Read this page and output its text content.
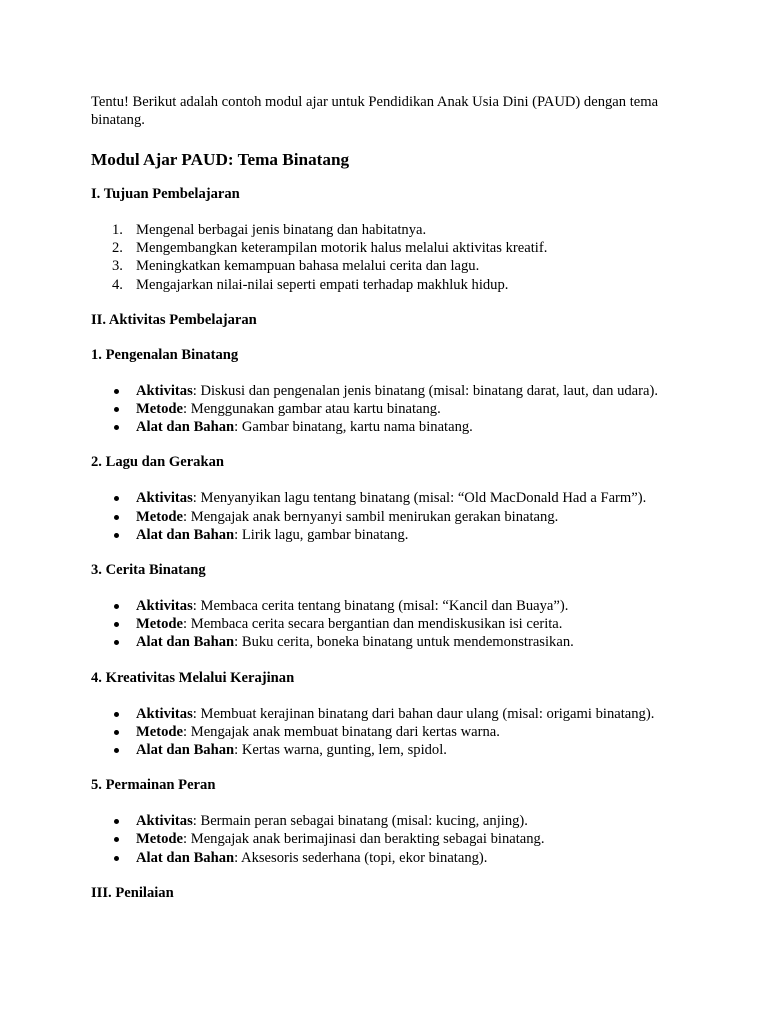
Tentu! Berikut adalah contoh modul ajar untuk Pendidikan Anak Usia Dini (PAUD) dengan tema binatang.

Modul Ajar PAUD: Tema Binatang
I. Tujuan Pembelajaran
1. Mengenal berbagai jenis binatang dan habitatnya.
2. Mengembangkan keterampilan motorik halus melalui aktivitas kreatif.
3. Meningkatkan kemampuan bahasa melalui cerita dan lagu.
4. Mengajarkan nilai-nilai seperti empati terhadap makhluk hidup.
II. Aktivitas Pembelajaran
1. Pengenalan Binatang
Aktivitas: Diskusi dan pengenalan jenis binatang (misal: binatang darat, laut, dan udara).
Metode: Menggunakan gambar atau kartu binatang.
Alat dan Bahan: Gambar binatang, kartu nama binatang.
2. Lagu dan Gerakan
Aktivitas: Menyanyikan lagu tentang binatang (misal: “Old MacDonald Had a Farm”).
Metode: Mengajak anak bernyanyi sambil menirukan gerakan binatang.
Alat dan Bahan: Lirik lagu, gambar binatang.
3. Cerita Binatang
Aktivitas: Membaca cerita tentang binatang (misal: “Kancil dan Buaya”).
Metode: Membaca cerita secara bergantian dan mendiskusikan isi cerita.
Alat dan Bahan: Buku cerita, boneka binatang untuk mendemonstrasikan.
4. Kreativitas Melalui Kerajinan
Aktivitas: Membuat kerajinan binatang dari bahan daur ulang (misal: origami binatang).
Metode: Mengajak anak membuat binatang dari kertas warna.
Alat dan Bahan: Kertas warna, gunting, lem, spidol.
5. Permainan Peran
Aktivitas: Bermain peran sebagai binatang (misal: kucing, anjing).
Metode: Mengajak anak berimajinasi dan berakting sebagai binatang.
Alat dan Bahan: Aksesoris sederhana (topi, ekor binatang).
III. Penilaian
